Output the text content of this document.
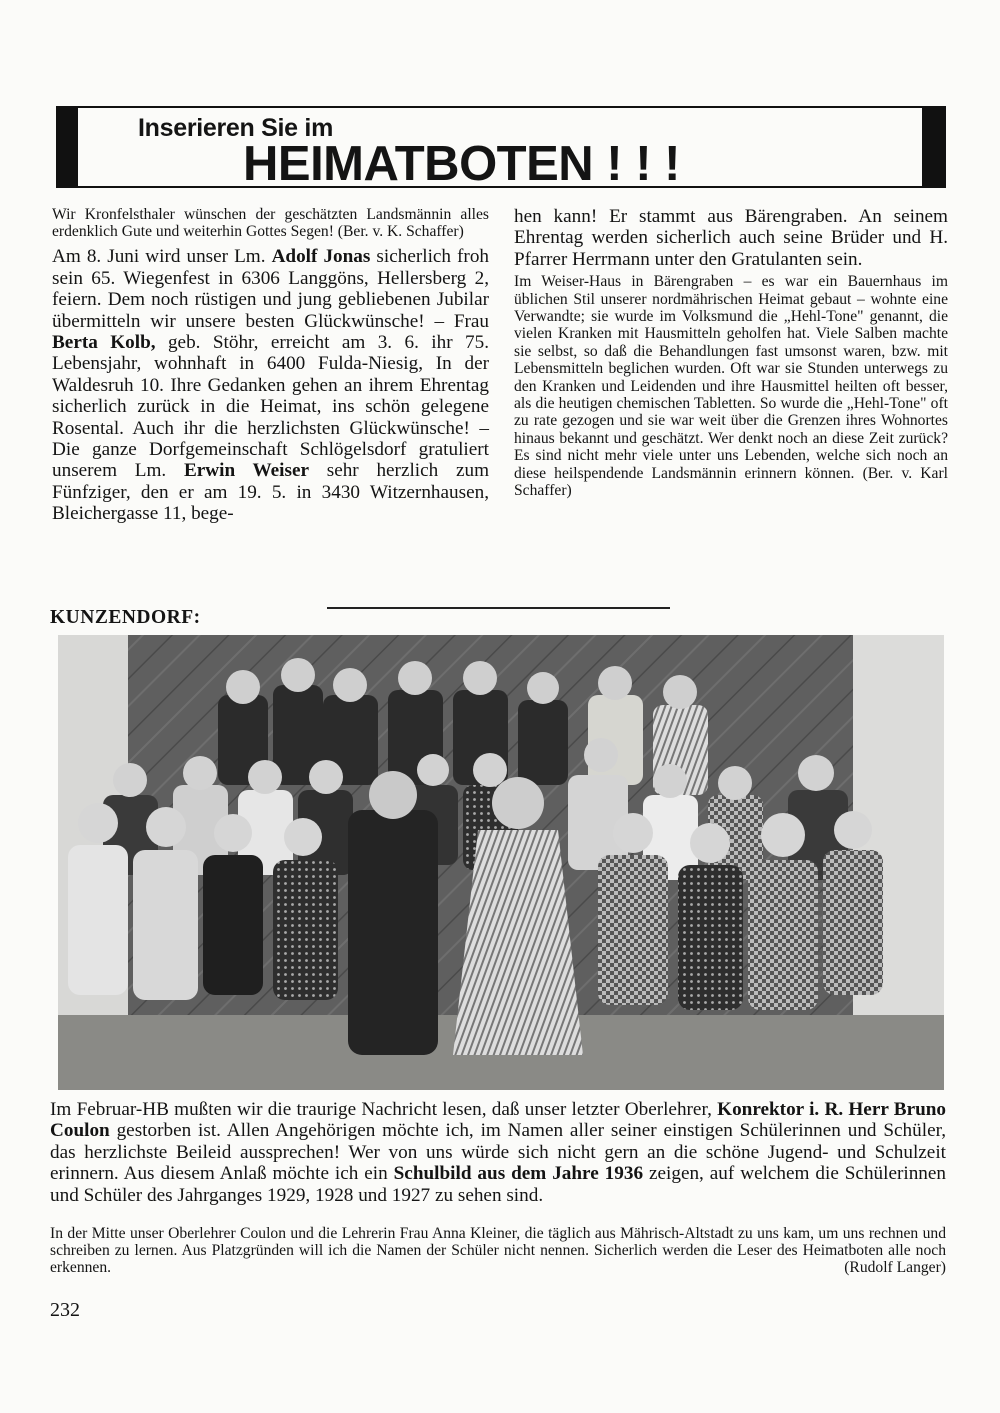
Inserieren Sie im
HEIMATBOTEN ! ! !

Wir Kronfelsthaler wünschen der geschätzten Landsmännin alles erdenklich Gute und weiterhin Gottes Segen! (Ber. v. K. Schaffer)

Am 8. Juni wird unser Lm. Adolf Jonas sicherlich froh sein 65. Wiegenfest in 6306 Langgöns, Hellersberg 2, feiern. Dem noch rüstigen und jung gebliebenen Jubilar übermitteln wir unsere besten Glückwünsche! – Frau Berta Kolb, geb. Stöhr, erreicht am 3. 6. ihr 75. Lebensjahr, wohnhaft in 6400 Fulda-Niesig, In der Waldesruh 10. Ihre Gedanken gehen an ihrem Ehrentag sicherlich zurück in die Heimat, ins schön gelegene Rosental. Auch ihr die herzlichsten Glückwünsche! – Die ganze Dorfgemeinschaft Schlögelsdorf gratuliert unserem Lm. Erwin Weiser sehr herzlich zum Fünfziger, den er am 19. 5. in 3430 Witzernhausen, Bleichergasse 11, bege-

hen kann! Er stammt aus Bärengraben. An seinem Ehrentag werden sicherlich auch seine Brüder und H. Pfarrer Herrmann unter den Gratulanten sein.

Im Weiser-Haus in Bärengraben – es war ein Bauernhaus im üblichen Stil unserer nordmährischen Heimat gebaut – wohnte eine Verwandte; sie wurde im Volksmund die „Hehl-Tone" genannt, die vielen Kranken mit Hausmitteln geholfen hat. Viele Salben machte sie selbst, so daß die Behandlungen fast umsonst waren, bzw. mit Lebensmitteln beglichen wurden. Oft war sie Stunden unterwegs zu den Kranken und Leidenden und ihre Hausmittel heilten oft besser, als die heutigen chemischen Tabletten. So wurde die „Hehl-Tone" oft zu rate gezogen und sie war weit über die Grenzen ihres Wohnortes hinaus bekannt und geschätzt. Wer denkt noch an diese Zeit zurück? Es sind nicht mehr viele unter uns Lebenden, welche sich noch an diese heilspendende Landsmännin erinnern können. (Ber. v. Karl Schaffer)

KUNZENDORF:
Im Februar-HB mußten wir die traurige Nachricht lesen, daß unser letzter Oberlehrer, Konrektor i. R. Herr Bruno Coulon gestorben ist. Allen Angehörigen möchte ich, im Namen aller seiner einstigen Schülerinnen und Schüler, das herzlichste Beileid aussprechen! Wer von uns würde sich nicht gern an die schöne Jugend- und Schulzeit erinnern. Aus diesem Anlaß möchte ich ein Schulbild aus dem Jahre 1936 zeigen, auf welchem die Schülerinnen und Schüler des Jahrganges 1929, 1928 und 1927 zu sehen sind.
In der Mitte unser Oberlehrer Coulon und die Lehrerin Frau Anna Kleiner, die täglich aus Mährisch-Altstadt zu uns kam, um uns rechnen und schreiben zu lernen. Aus Platzgründen will ich die Namen der Schüler nicht nennen. Sicherlich werden die Leser des Heimatboten alle noch erkennen.	(Rudolf Langer)
232
